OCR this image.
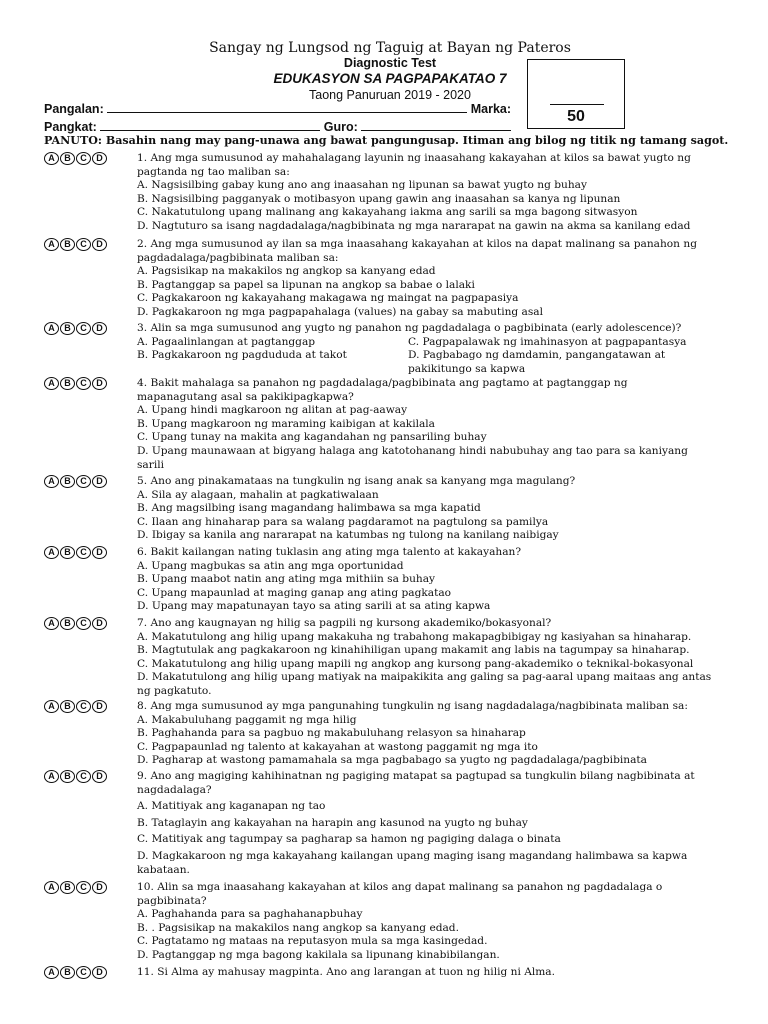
Sangay ng Lungsod ng Taguig at Bayan ng Pateros
Diagnostic Test
EDUKASYON SA PAGPAPAKATAO 7
Taong Panuruan 2019 - 2020
50
Pangalan:	Marka:
Pangkat:	Guro:
PANUTO: Basahin nang may pang-unawa ang bawat pangungusap. Itiman ang bilog ng titik ng tamang sagot.
A	B	C	D	1. Ang mga sumusunod ay mahahalagang layunin ng inaasahang kakayahan at kilos sa bawat yugto ng pagtanda ng tao maliban sa:
A. Nagsisilbing gabay kung ano ang inaasahan ng lipunan sa bawat yugto ng buhay
B. Nagsisilbing pagganyak o motibasyon upang gawin ang inaasahan sa kanya ng lipunan
C. Nakatutulong upang malinang ang kakayahang iakma ang sarili sa mga bagong sitwasyon
D. Nagtuturo sa isang nagdadalaga/nagbibinata ng mga nararapat na gawin na akma sa kanilang edad
A	B	C	D	2. Ang mga sumusunod ay ilan sa mga inaasahang kakayahan at kilos na dapat malinang sa panahon ng pagdadalaga/pagbibinata maliban sa:
A. Pagsisikap na makakilos ng angkop sa kanyang edad
B. Pagtanggap sa papel sa lipunan na angkop sa babae o lalaki
C. Pagkakaroon ng kakayahang makagawa ng maingat na pagpapasiya
D. Pagkakaroon ng mga pagpapahalaga (values) na gabay sa mabuting asal
A	B	C	D	3. Alin sa mga sumusunod ang yugto ng panahon ng pagdadalaga o pagbibinata (early adolescence)?
A. Pagaalinlangan at pagtanggap
B. Pagkakaroon ng pagdududa at takot
C. Pagpapalawak ng imahinasyon at pagpapantasya
D. Pagbabago ng damdamin, pangangatawan at pakikitungo sa kapwa
A	B	C	D	4. Bakit mahalaga sa panahon ng pagdadalaga/pagbibinata ang pagtamo at pagtanggap ng mapanagutang asal sa pakikipagkapwa?
A. Upang hindi magkaroon ng alitan at pag-aaway
B. Upang magkaroon ng maraming kaibigan at kakilala
C. Upang tunay na makita ang kagandahan ng pansariling buhay
D. Upang maunawaan at bigyang halaga ang katotohanang hindi nabubuhay ang tao para sa kaniyang sarili
A	B	C	D	5. Ano ang pinakamataas na tungkulin ng isang anak sa kanyang mga magulang?
A. Sila ay alagaan, mahalin at pagkatiwalaan
B. Ang magsilbing isang magandang halimbawa sa mga kapatid
C. Ilaan ang hinaharap para sa walang pagdaramot na pagtulong sa pamilya
D. Ibigay sa kanila ang nararapat na katumbas ng tulong na kanilang naibigay
A	B	C	D	6. Bakit kailangan nating tuklasin ang ating mga talento at kakayahan?
A. Upang magbukas sa atin ang mga oportunidad
B. Upang maabot natin ang ating mga mithiin sa buhay
C. Upang mapaunlad at maging ganap ang ating pagkatao
D. Upang may mapatunayan tayo sa ating sarili at sa ating kapwa
A	B	C	D	7. Ano ang kaugnayan ng hilig sa pagpili ng kursong akademiko/bokasyonal?
A. Makatutulong ang hilig upang makakuha ng trabahong makapagbibigay ng kasiyahan sa hinaharap.
B. Magtutulak ang pagkakaroon ng kinahihiligan upang makamit ang labis na tagumpay sa hinaharap.
C. Makatutulong ang hilig upang mapili ng angkop ang kursong pang-akademiko o teknikal-bokasyonal
D. Makatutulong ang hilig upang matiyak na maipakikita ang galing sa pag-aaral upang maitaas ang antas ng pagkatuto.
A	B	C	D	8. Ang mga sumusunod ay mga pangunahing tungkulin ng isang nagdadalaga/nagbibinata maliban sa:
A. Makabuluhang paggamit ng mga hilig
B. Paghahanda para sa pagbuo ng makabuluhang relasyon sa hinaharap
C. Pagpapaunlad ng talento at kakayahan at wastong paggamit ng mga ito
D. Pagharap at wastong pamamahala sa mga pagbabago sa yugto ng pagdadalaga/pagbibinata
A	B	C	D	9. Ano ang magiging kahihinatnan ng pagiging matapat sa pagtupad sa tungkulin bilang nagbibinata at nagdadalaga?
A. Matitiyak ang kaganapan ng tao
B. Tataglayin ang kakayahan na harapin ang kasunod na yugto ng buhay
C. Matitiyak ang tagumpay sa pagharap sa hamon ng pagiging dalaga o binata
D. Magkakaroon ng mga kakayahang kailangan upang maging isang magandang halimbawa sa kapwa kabataan.
A	B	C	D	10. Alin sa mga inaasahang kakayahan at kilos ang dapat malinang sa panahon ng pagdadalaga o pagbibinata?
A. Paghahanda para sa paghahanapbuhay
B. . Pagsisikap na makakilos nang angkop sa kanyang edad.
C. Pagtatamo ng mataas na reputasyon mula sa mga kasingedad.
D. Pagtanggap ng mga bagong kakilala sa lipunang kinabibilangan.
A	B	C	D	11. Si Alma ay mahusay magpinta. Ano ang larangan at tuon ng hilig ni Alma.
